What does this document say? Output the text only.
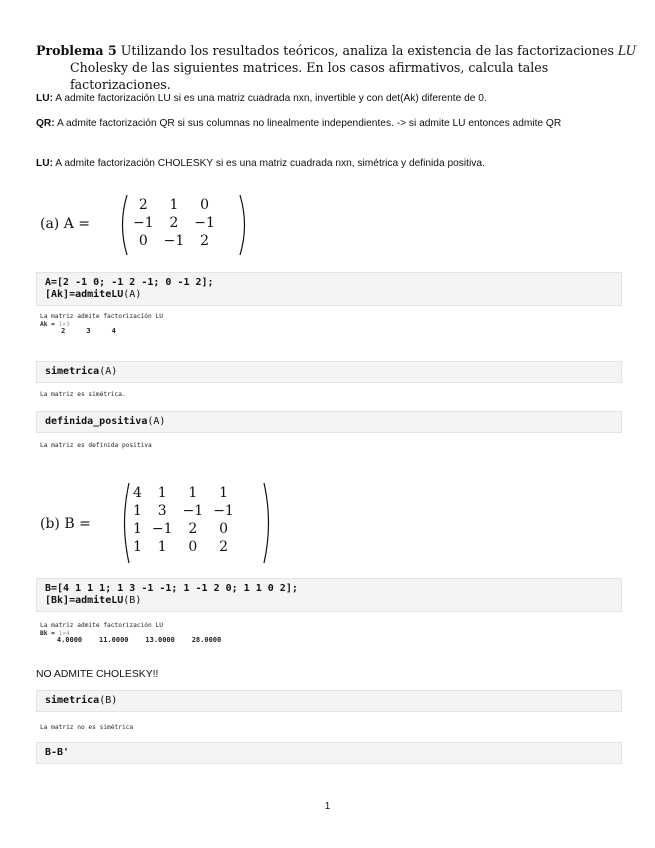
Problema 5 Utilizando los resultados teóricos, analiza la existencia de las factorizaciones LU
Cholesky de las siguientes matrices. En los casos afirmativos, calcula tales factorizaciones.
LU: A admite factorización LU si es una matriz cuadrada nxn, invertible y con det(Ak) diferente de 0.
QR: A admite factorización QR si sus columnas no linealmente independientes. -> si admite LU entonces admite QR
LU: A admite factorización CHOLESKY si es una matriz cuadrada nxn, simétrica y definida positiva.
(a) A =
2	1	0
−1	2	−1
0	−1	2
A=[2 -1 0; -1 2 -1; 0 -1 2];
[Ak]=admiteLU(A)
La matriz admite factorización LU
Ak = 1×3
2     3     4
simetrica(A)
La matriz es simétrica.
definida_positiva(A)
La matriz es definida positiva
(b) B =
4	1	1	1
1	3	−1	−1
1	−1	2	0
1	1	0	2
B=[4 1 1 1; 1 3 -1 -1; 1 -1 2 0; 1 1 0 2];
[Bk]=admiteLU(B)
La matriz admite factorización LU
Bk = 1×4
4.0000    11.0000    13.0000    28.0000
NO ADMITE CHOLESKY!!
simetrica(B)
La matriz no es simétrica
B-B'
1
